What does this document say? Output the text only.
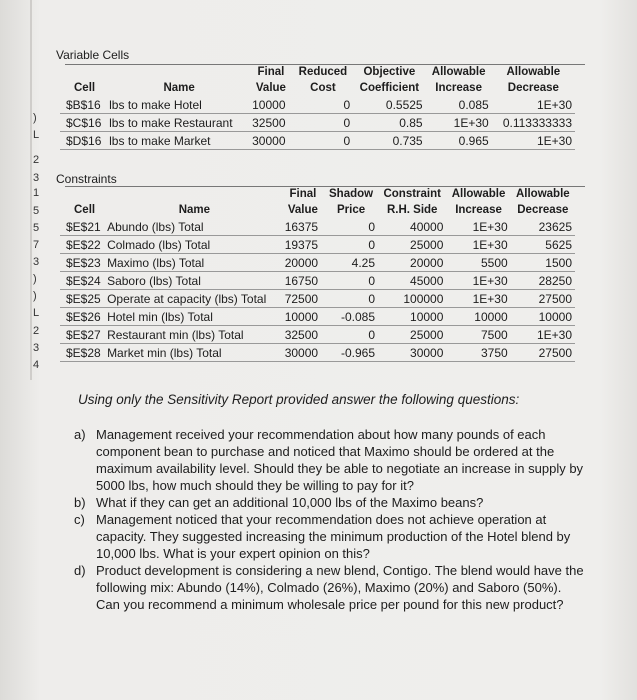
)
L
2
3
1
5
5
7
3
)
)
L
2
3
4
Variable Cells
		Final	Reduced	Objective	Allowable	Allowable
Cell	Name	Value	Cost	Coefficient	Increase	Decrease
$B$16	lbs to make Hotel	10000	0	0.5525	0.085	1E+30
$C$16	lbs to make Restaurant	32500	0	0.85	1E+30	0.113333333
$D$16	lbs to make Market	30000	0	0.735	0.965	1E+30
Constraints
		Final	Shadow	Constraint	Allowable	Allowable
Cell	Name	Value	Price	R.H. Side	Increase	Decrease
$E$21	Abundo (lbs) Total	16375	0	40000	1E+30	23625
$E$22	Colmado (lbs) Total	19375	0	25000	1E+30	5625
$E$23	Maximo (lbs) Total	20000	4.25	20000	5500	1500
$E$24	Saboro (lbs) Total	16750	0	45000	1E+30	28250
$E$25	Operate at capacity (lbs) Total	72500	0	100000	1E+30	27500
$E$26	Hotel min (lbs) Total	10000	-0.085	10000	10000	10000
$E$27	Restaurant min (lbs) Total	32500	0	25000	7500	1E+30
$E$28	Market min (lbs) Total	30000	-0.965	30000	3750	27500
Using only the Sensitivity Report provided answer the following questions:
a) Management received your recommendation about how many pounds of each component bean to purchase and noticed that Maximo should be ordered at the maximum availability level. Should they be able to negotiate an increase in supply by 5000 lbs, how much should they be willing to pay for it?
b) What if they can get an additional 10,000 lbs of the Maximo beans?
c) Management noticed that your recommendation does not achieve operation at capacity. They suggested increasing the minimum production of the Hotel blend by 10,000 lbs. What is your expert opinion on this?
d) Product development is considering a new blend, Contigo. The blend would have the following mix: Abundo (14%), Colmado (26%), Maximo (20%) and Saboro (50%). Can you recommend a minimum wholesale price per pound for this new product?
